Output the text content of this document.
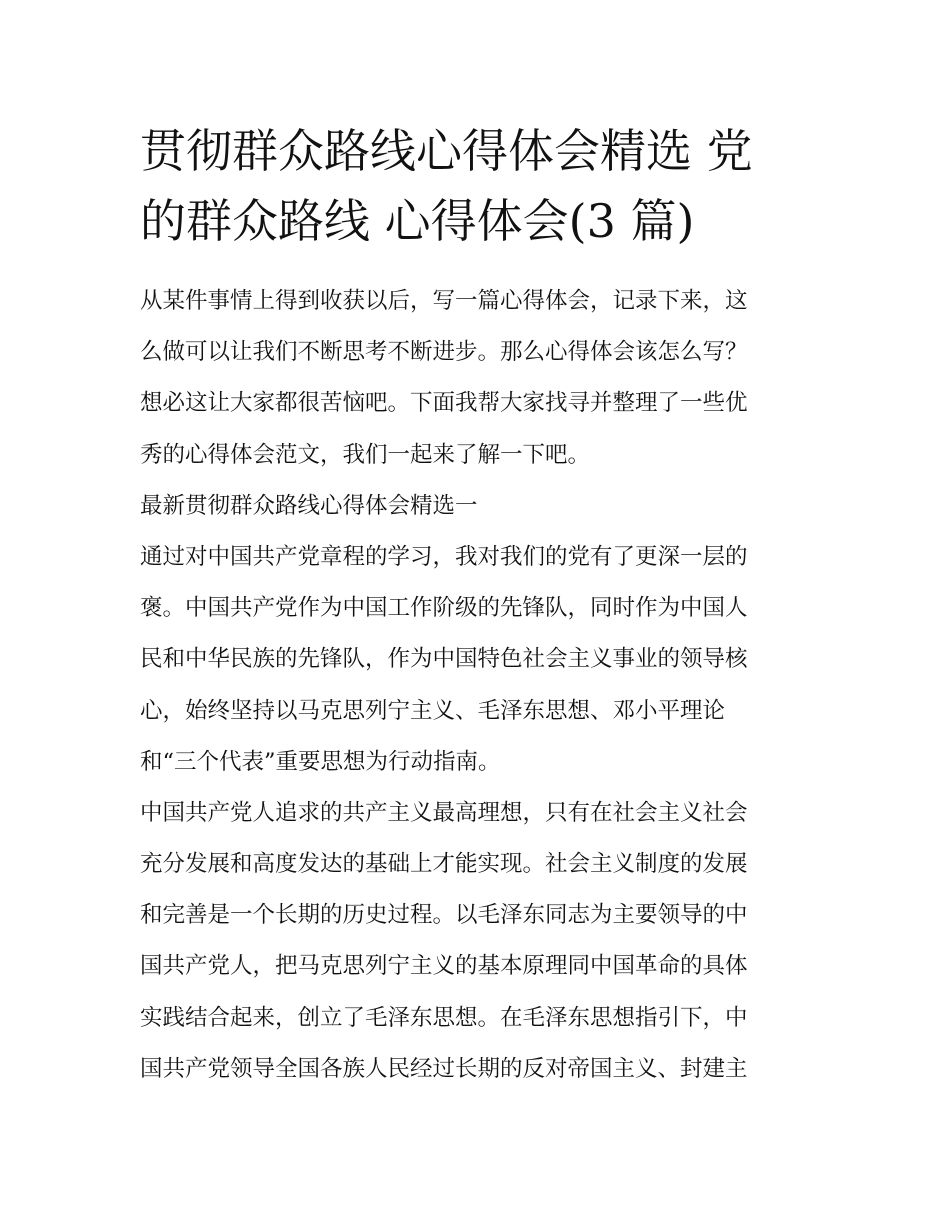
贯彻群众路线心得体会精选 党
的群众路线 心得体会(3 篇)
从某件事情上得到收获以后，写一篇心得体会，记录下来，这
么做可以让我们不断思考不断进步。那么心得体会该怎么写？
想必这让大家都很苦恼吧。下面我帮大家找寻并整理了一些优
秀的心得体会范文，我们一起来了解一下吧。
最新贯彻群众路线心得体会精选一
通过对中国共产党章程的学习，我对我们的党有了更深一层的
褒。中国共产党作为中国工作阶级的先锋队，同时作为中国人
民和中华民族的先锋队，作为中国特色社会主义事业的领导核
心，始终坚持以马克思列宁主义、毛泽东思想、邓小平理论
和“三个代表”重要思想为行动指南。
中国共产党人追求的共产主义最高理想，只有在社会主义社会
充分发展和高度发达的基础上才能实现。社会主义制度的发展
和完善是一个长期的历史过程。以毛泽东同志为主要领导的中
国共产党人，把马克思列宁主义的基本原理同中国革命的具体
实践结合起来，创立了毛泽东思想。在毛泽东思想指引下，中
国共产党领导全国各族人民经过长期的反对帝国主义、封建主
